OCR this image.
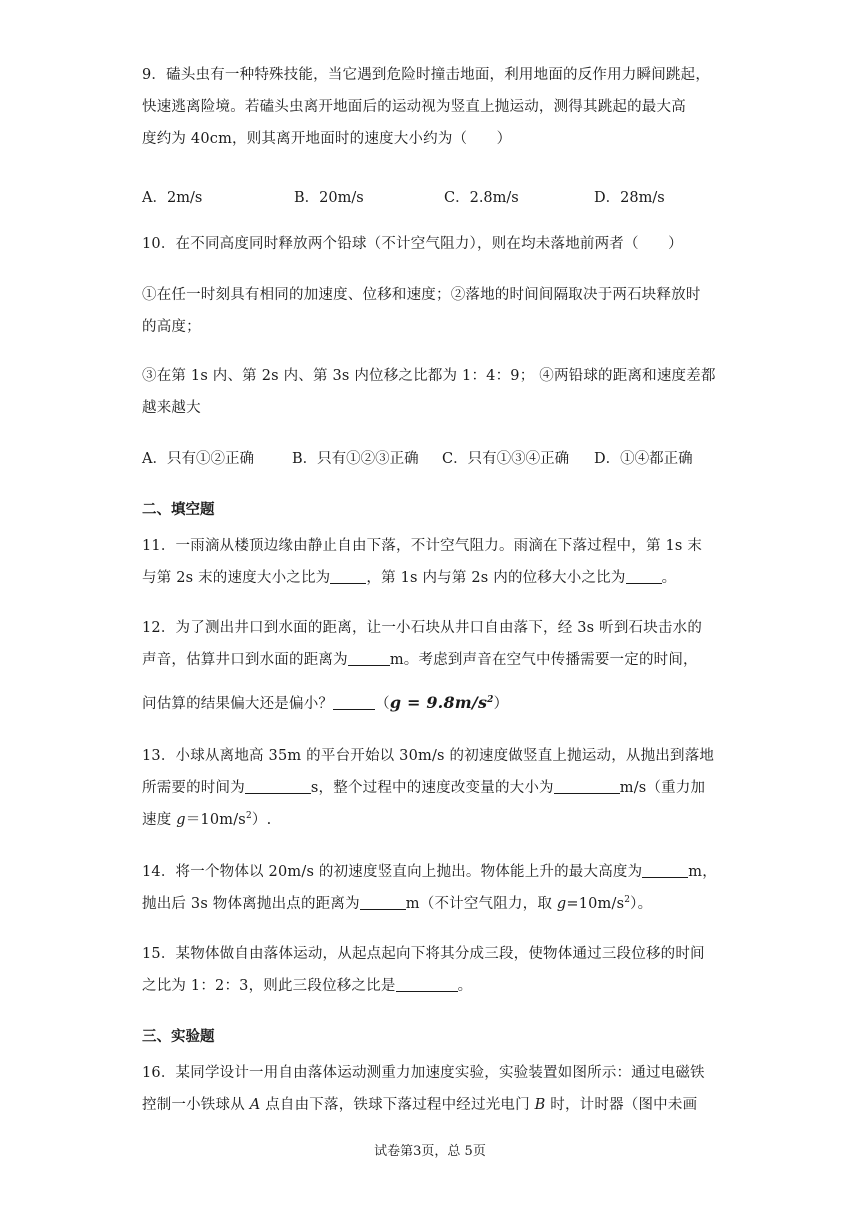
9．磕头虫有一种特殊技能，当它遇到危险时撞击地面，利用地面的反作用力瞬间跳起，
快速逃离险境。若磕头虫离开地面后的运动视为竖直上抛运动，测得其跳起的最大高
度约为 40cm，则其离开地面时的速度大小约为（　　）
A．2m/s	B．20m/s	C．2.8m/s	D．28m/s
10．在不同高度同时释放两个铅球（不计空气阻力），则在均未落地前两者（　　）
①在任一时刻具有相同的加速度、位移和速度；②落地的时间间隔取决于两石块释放时
的高度；
③在第 1s 内、第 2s 内、第 3s 内位移之比都为 1：4：9； ④两铅球的距离和速度差都
越来越大
A．只有①②正确	B．只有①②③正确 C．只有①③④正确 D．①④都正确
二、填空题
11．一雨滴从楼顶边缘由静止自由下落，不计空气阻力。雨滴在下落过程中，第 1s 末
与第 2s 末的速度大小之比为 ，第 1s 内与第 2s 内的位移大小之比为 。
12．为了测出井口到水面的距离，让一小石块从井口自由落下，经 3s 听到石块击水的
声音，估算井口到水面的距离为	m。考虑到声音在空气中传播需要一定的时间，
问估算的结果偏大还是偏小？	$(g = 9.8m/s^2)$
13．小球从离地高 35m 的平台开始以 30m/s 的初速度做竖直上抛运动，从抛出到落地
所需要的时间为	s，整个过程中的速度改变量的大小为	m/s（重力加
速度 $g=10m/s^2$）.
14．将一个物体以 20m/s 的初速度竖直向上抛出。物体能上升的最大高度为	m，
抛出后 3s 物体离抛出点的距离为	m（不计空气阻力，取 $g=10m/s^2$）。
15．某物体做自由落体运动，从起点起向下将其分成三段，使物体通过三段位移的时间
之比为 1：2：3，则此三段位移之比是	。
三、实验题
16．某同学设计一用自由落体运动测重力加速度实验，实验装置如图所示：通过电磁铁
控制一小铁球从 A 点自由下落，铁球下落过程中经过光电门 B 时，计时器（图中未画
试卷第3页，总 5页
